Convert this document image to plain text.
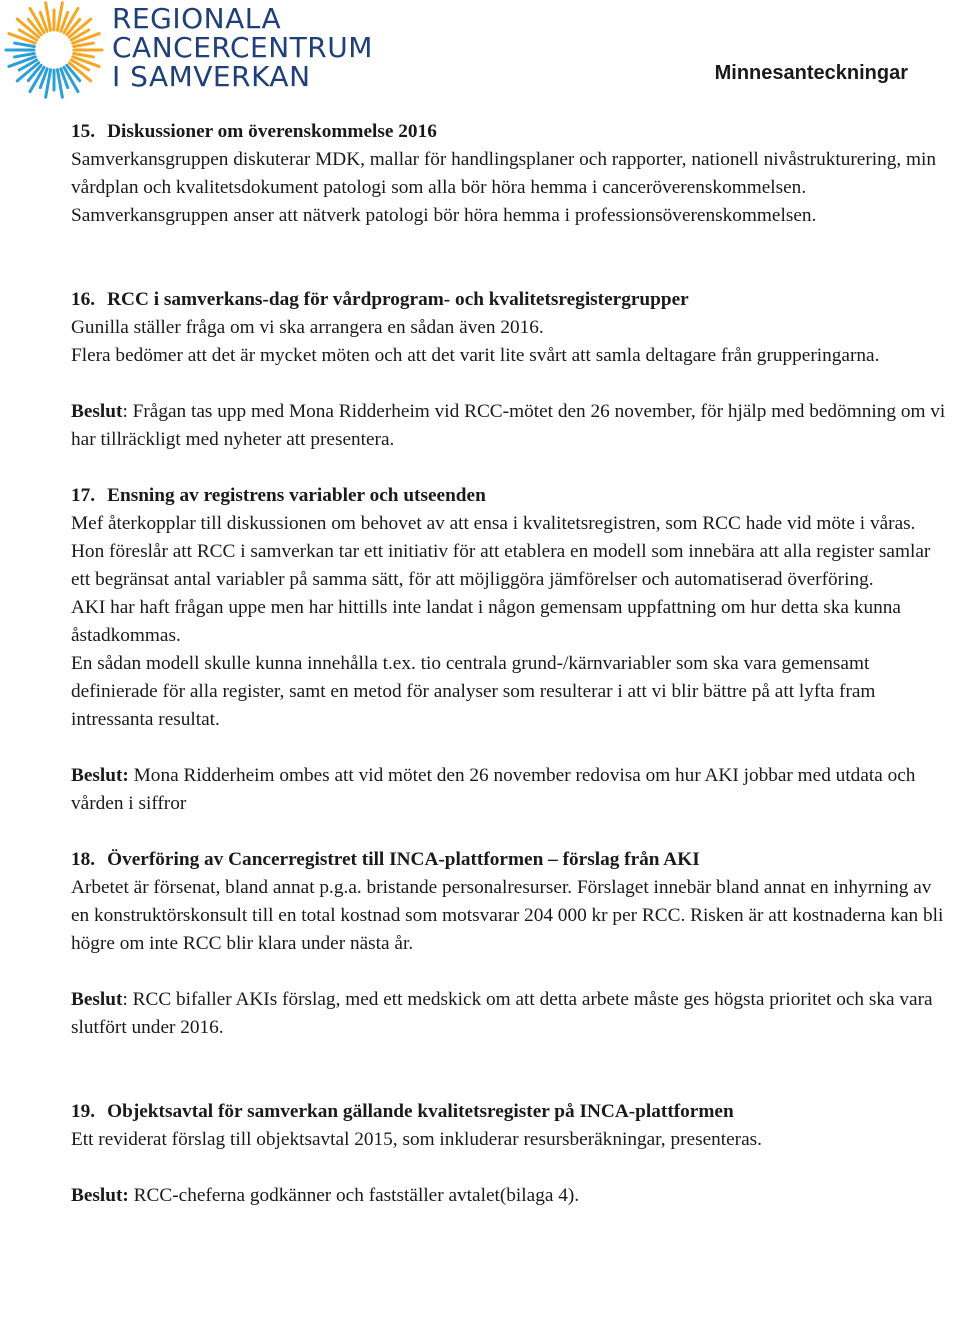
REGIONALA
CANCERCENTRUM
I SAMVERKAN	Minnesanteckningar
15. Diskussioner om överenskommelse 2016

Samverkansgruppen diskuterar MDK, mallar för handlingsplaner och rapporter, nationell nivåstrukturering, min vårdplan och kvalitetsdokument patologi som alla bör höra hemma i canceröverenskommelsen.

Samverkansgruppen anser att nätverk patologi bör höra hemma i professionsöverenskommelsen.

16. RCC i samverkans-dag för vårdprogram- och kvalitetsregistergrupper

Gunilla ställer fråga om vi ska arrangera en sådan även 2016.

Flera bedömer att det är mycket möten och att det varit lite svårt att samla deltagare från grupperingarna.

Beslut: Frågan tas upp med Mona Ridderheim vid RCC-mötet den 26 november, för hjälp med bedömning om vi har tillräckligt med nyheter att presentera.

17. Ensning av registrens variabler och utseenden

Mef återkopplar till diskussionen om behovet av att ensa i kvalitetsregistren, som RCC hade vid möte i våras. Hon föreslår att RCC i samverkan tar ett initiativ för att etablera en modell som innebära att alla register samlar ett begränsat antal variabler på samma sätt, för att möjliggöra jämförelser och automatiserad överföring.

AKI har haft frågan uppe men har hittills inte landat i någon gemensam uppfattning om hur detta ska kunna åstadkommas.

En sådan modell skulle kunna innehålla t.ex. tio centrala grund-/kärnvariabler som ska vara gemensamt definierade för alla register, samt en metod för analyser som resulterar i att vi blir bättre på att lyfta fram intressanta resultat.

Beslut: Mona Ridderheim ombes att vid mötet den 26 november redovisa om hur AKI jobbar med utdata och vården i siffror

18. Överföring av Cancerregistret till INCA-plattformen – förslag från AKI

Arbetet är försenat, bland annat p.g.a. bristande personalresurser. Förslaget innebär bland annat en inhyrning av en konstruktörskonsult till en total kostnad som motsvarar 204 000 kr per RCC. Risken är att kostnaderna kan bli högre om inte RCC blir klara under nästa år.

Beslut: RCC bifaller AKIs förslag, med ett medskick om att detta arbete måste ges högsta prioritet och ska vara slutfört under 2016.

19. Objektsavtal för samverkan gällande kvalitetsregister på INCA-plattformen

Ett reviderat förslag till objektsavtal 2015, som inkluderar resursberäkningar, presenteras.

Beslut: RCC-cheferna godkänner och fastställer avtalet(bilaga 4).
